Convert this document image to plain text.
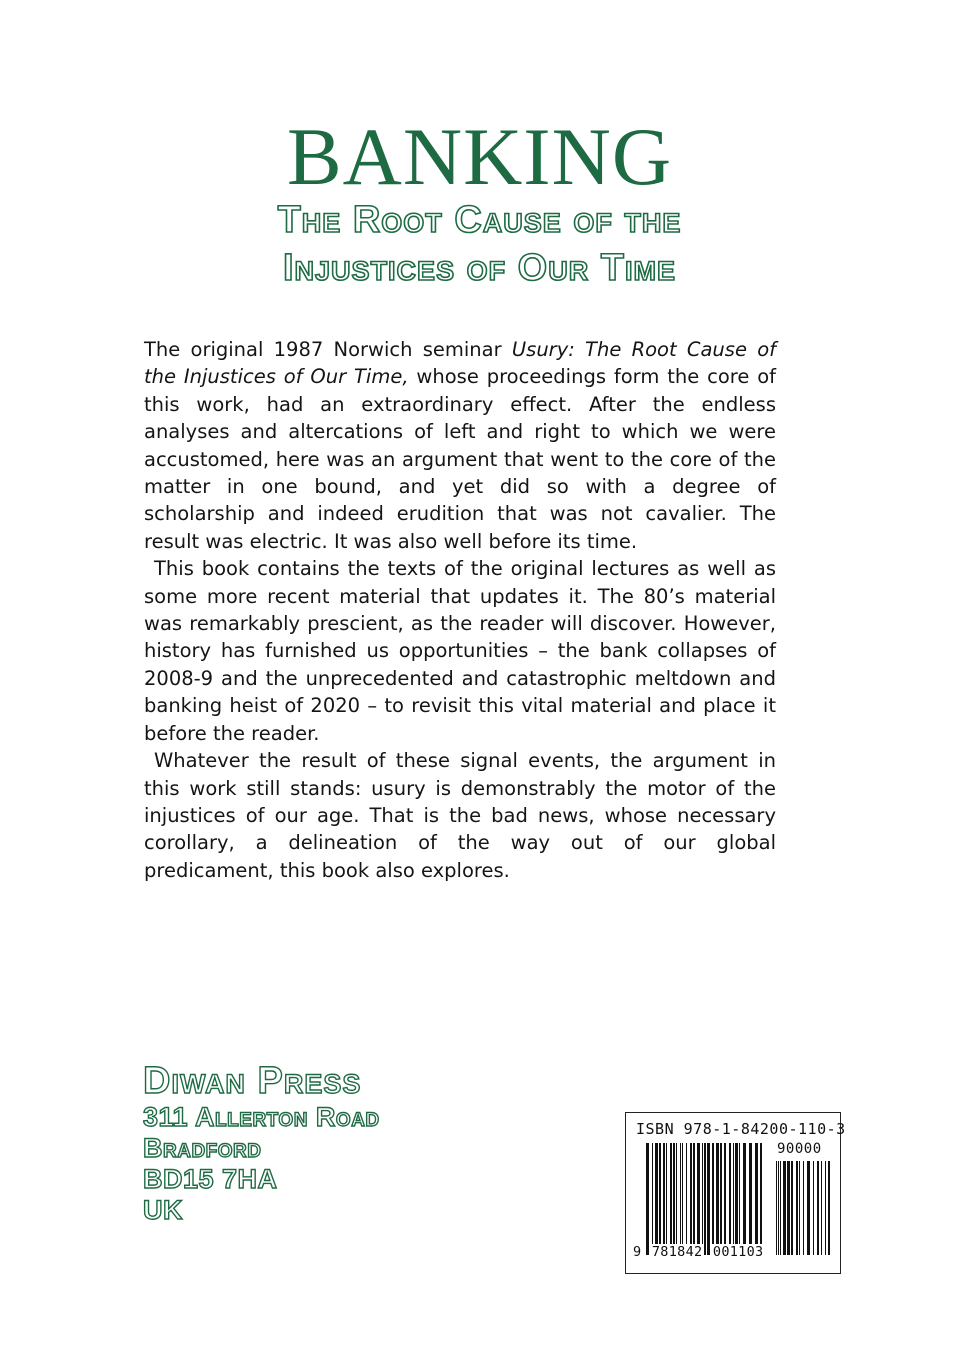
BANKING
The Root Cause of the
Injustices of Our Time

The original 1987 Norwich seminar Usury: The Root Cause of the Injustices of Our Time, whose proceedings form the core of this work, had an extraordinary effect. After the endless analyses and altercations of left and right to which we were accustomed, here was an argument that went to the core of the matter in one bound, and yet did so with a degree of scholarship and indeed erudition that was not cavalier. The result was electric. It was also well before its time.

This book contains the texts of the original lectures as well as some more recent material that updates it. The 80’s material was remarkably prescient, as the reader will discover. However, history has furnished us opportunities – the bank collapses of 2008-9 and the unprecedented and catastrophic meltdown and banking heist of 2020 – to revisit this vital material and place it before the reader.

Whatever the result of these signal events, the argument in this work still stands: usury is demonstrably the motor of the injustices of our age. That is the bad news, whose necessary corollary, a delineation of the way out of our global predicament, this book also explores.

Diwan Press
311 Allerton Road
Bradford
BD15 7HA
UK
ISBN 978-1-84200-110-3
90000
9 781842 001103
